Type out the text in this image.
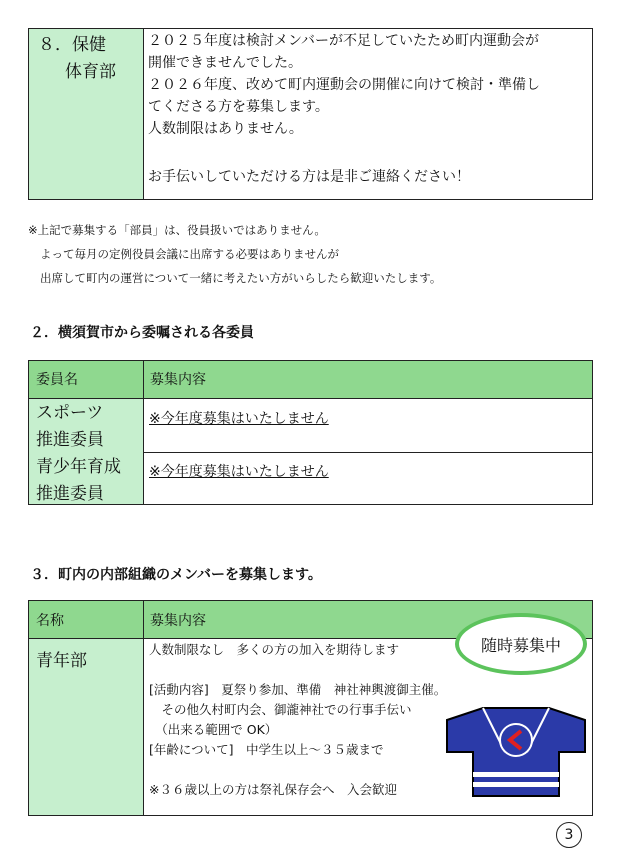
８．保健
体育部
２０２５年度は検討メンバーが不足していたため町内運動会が
開催できませんでした。
２０２６年度、改めて町内運動会の開催に向けて検討・準備し
てくださる方を募集します。
人数制限はありません。
お手伝いしていただける方は是非ご連絡ください！
※上記で募集する「部員」は、役員扱いではありません。
よって毎月の定例役員会議に出席する必要はありませんが
出席して町内の運営について一緒に考えたい方がいらしたら歓迎いたします。
２．横須賀市から委嘱される各委員
委員名	募集内容
スポーツ
推進委員
青少年育成
推進委員
※今年度募集はいたしません
※今年度募集はいたしません
３．町内の内部組織のメンバーを募集します。
名称	募集内容
青年部
人数制限なし　多くの方の加入を期待します
[活動内容]　夏祭り参加、準備　神社神輿渡御主催。
　その他久村町内会、御瀧神社での行事手伝い
　（出来る範囲で OK）
[年齢について]　中学生以上～３５歳まで
※３６歳以上の方は祭礼保存会へ　入会歓迎
随時募集中
3
